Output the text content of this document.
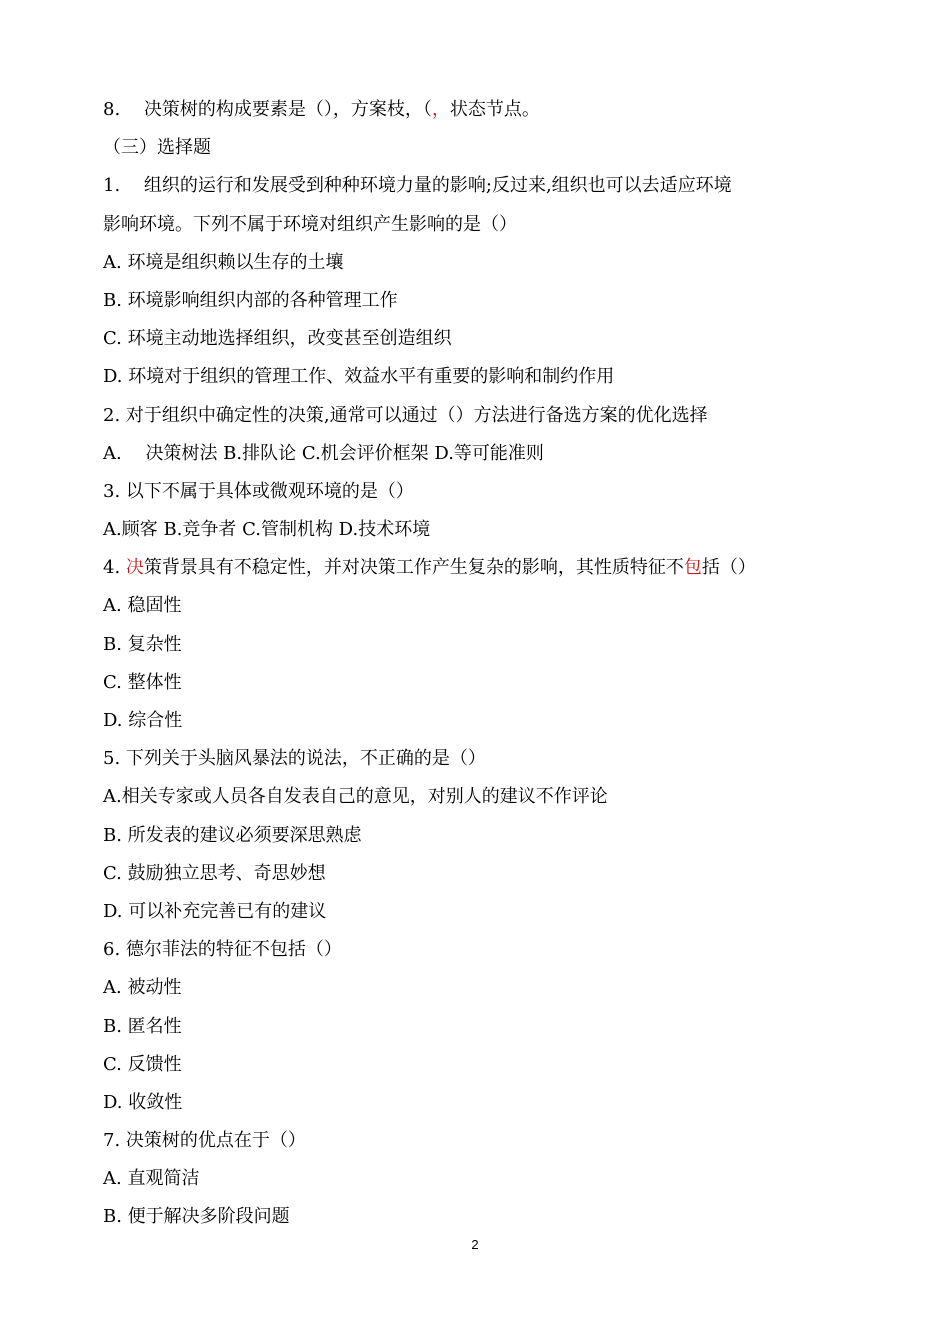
8.　 决策树的构成要素是（），方案枝，（，状态节点。
（三）选择题
1.　 组织的运行和发展受到种种环境力量的影响;反过来,组织也可以去适应环境
影响环境。下列不属于环境对组织产生影响的是（）
A. 环境是组织赖以生存的土壤
B. 环境影响组织内部的各种管理工作
C. 环境主动地选择组织，改变甚至创造组织
D. 环境对于组织的管理工作、效益水平有重要的影响和制约作用
2. 对于组织中确定性的决策,通常可以通过（）方法进行备选方案的优化选择
A.　 决策树法 B.排队论 C.机会评价框架 D.等可能准则
3. 以下不属于具体或微观环境的是（）
A.顾客 B.竞争者 C.管制机构 D.技术环境
4. 决策背景具有不稳定性，并对决策工作产生复杂的影响，其性质特征不包括（）
A. 稳固性
B. 复杂性
C. 整体性
D. 综合性
5. 下列关于头脑风暴法的说法，不正确的是（）
A.相关专家或人员各自发表自己的意见，对别人的建议不作评论
B. 所发表的建议必须要深思熟虑
C. 鼓励独立思考、奇思妙想
D. 可以补充完善已有的建议
6. 德尔菲法的特征不包括（）
A. 被动性
B. 匿名性
C. 反馈性
D. 收敛性
7. 决策树的优点在于（）
A. 直观简洁
B. 便于解决多阶段问题
2
